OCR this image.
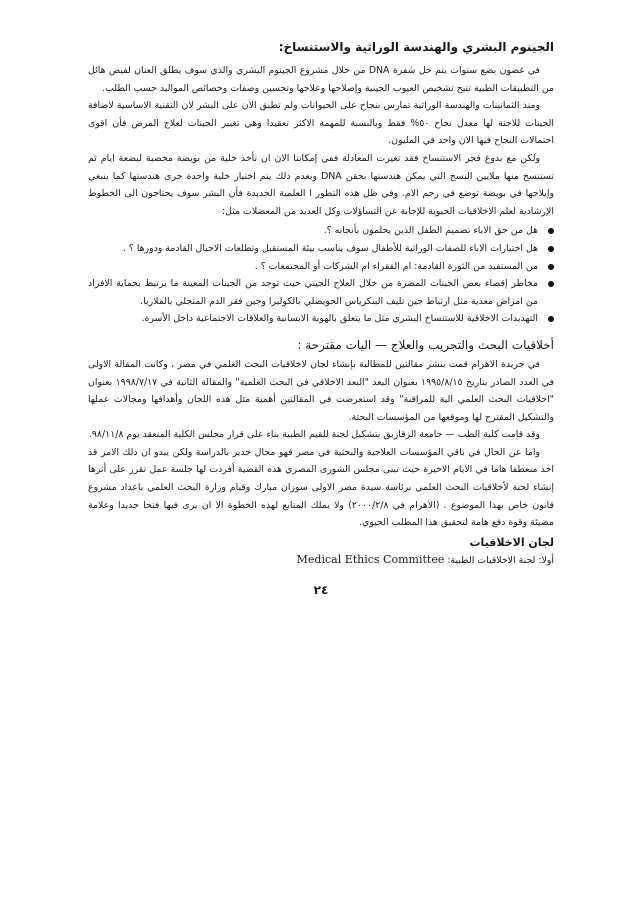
الجينوم البشري والهندسة الوراثية والاستنساخ:

في غضون بضع سنوات يتم حل شفرة DNA من خلال مشروع الجينوم البشري والذي سوف يطلق العنان لفيض هائل من التطبيقات الطبية تتيح تشخيص العيوب الجينية وإصلاحها وعلاجها وتحسين وصفات وخصائص المواليد حسب الطلب.

ومنذ الثمانينات والهندسة الوراثية تمارس بنجاح على الحيوانات ولم تطبق الان على البشر لان التقنية الاساسية لاضافة الجينات للاجنة لها معدل نجاح ٥٠% فقط وبالنسبة للمهمة الاكثر تعقيدا وهي تغيير الجينات لعلاج المرض فأن اقوى احتمالات النجاح فيها الان واحد في المليون.

ولكن مع بدوغ فجر الاستنساخ فقد تغيرت المعادلة ففي إمكاننا الان ان تأخذ خلية من بويضة مخصبة لبضعة ايام ثم تستنسخ منها ملايين النسخ التي يمكن هندستها بحقن DNA وبعدم ذلك يتم اختيار خلية واحدة جرى هندستها كما ينبغي وإيلاجها في بويضة توضع في رحم الام. وفي ظل هذه التطور ا العلمية الجديدة فأن البشر سوف يحتاجون الى الخطوط الإرشادية لعلم الاخلاقيات الحيوية للإجابة عن التساؤلات وكل العديد من المعضلات مثل:

هل من حق الاباء تصميم الطفل الذين يحلمون بأنجابه ؟.
هل اختيارات الاباء للصفات الوراثية للأطفال سوف يناسب بيئة المستقبل وتطلعات الاجيال القادمة ودورها ؟ .
من المستفيد من الثورة القادمة: ام الفقراء ام الشركات أو المجتمعات ؟ .
مخاطر إقصاء بعض الجينات المضرة من خلال العلاج الجيني حيث توجد من الجينات المعينة ما يرتبط بحماية الافراد من امراض معدية مثل ارتباط جين تليف البنكرياس الحويصلي بالكوليرا وجين فقر الدم المنجلي بالملاريا.
التهديدات الاخلاقية للاستنساخ البشري مثل ما يتعلق بالهوية الانسانية والعلاقات الاجتماعية داخل الأسرة.
أخلاقيات البحث والتجريب والعلاج — اليات مقترحة :

في جريدة الاهرام قمت بنشر مقالتين للمطالبة بإنشاء لجان لاخلاقيات البحث العلمي في مصر ، وكانت المقالة الاولى في العدد الصادر بتاريخ ١٩٩٥/٨/١٥ بعنوان البعد "البعد الاخلاقي في البحث العلمية" والمقالة الثانية في ١٩٩٨/٧/١٧ بعنوان "اخلاقيات البحث العلمي الية للمراقبة" وقد استعرضت في المقالتين أهمية مثل هذه اللجان وأهدافها ومجالات عملها والتشكيل المقترح لها وموقعها من المؤسسات البحثة.

وقد قامت كلية الطب — جامعة الزقازيق بتشكيل لجنة للقيم الطبية بناء على قرار مجلس الكلية المنعقد يوم ٩٨/١١/٨.

واما عن الحال في باقي المؤسسات العلاجية والبحثية في مصر فهو مجال جدير بالدراسة ولكن يبدو ان ذلك الامر قد اخذ منعطفا هاما في الايام الاخيرة حيث تبنى مجلس الشورى المصري هذه القضية أفردت لها جلسة عمل تقرر على أثرها إنشاء لجنة لأخلاقيات البحث العلمي برئاسة سيدة مصر الاولى سوزان مبارك وقيام وزارة البحث العلمي باعداد مشروع قانون خاص بهذا الموضوع . (الاهرام في ٢٠٠٠/٢/٨) ولا يملك المتابع لهذه الخطوة الا ان يرى فيها فتحا جديدا وعلامة مضيئة وقوة دفع هامة لتحقيق هذا المطلب الحيوي.

لجان الاخلاقيات

أولا: لجنة الاخلاقيات الطبية: Medical Ethics Committee

٢٤
